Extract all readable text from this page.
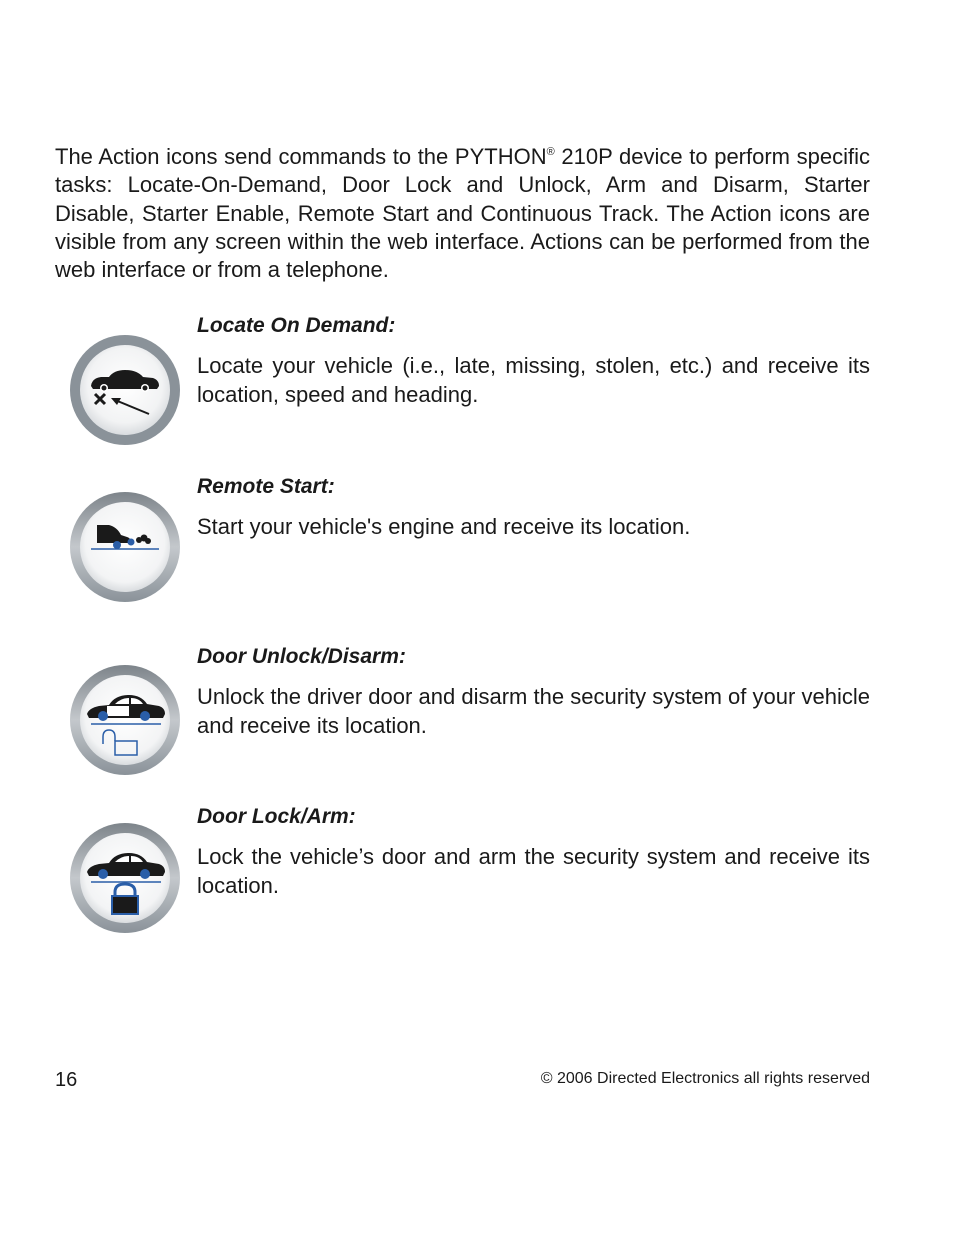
The Action icons send commands to the PYTHON® 210P device to perform specific tasks: Locate-On-Demand, Door Lock and Unlock, Arm and Disarm, Starter Disable, Starter Enable, Remote Start and Continuous Track. The Action icons are visible from any screen within the web interface. Actions can be performed from the web interface or from a telephone.

Locate On Demand:

Locate your vehicle (i.e., late, missing, stolen, etc.) and receive its location, speed and heading.

Remote Start:

Start your vehicle's engine and receive its location.

Door Unlock/Disarm:

Unlock the driver door and disarm the security system of your vehicle and receive its location.

Door Lock/Arm:

Lock the vehicle’s door and arm the security system and receive its location.

16	© 2006 Directed Electronics all rights reserved
